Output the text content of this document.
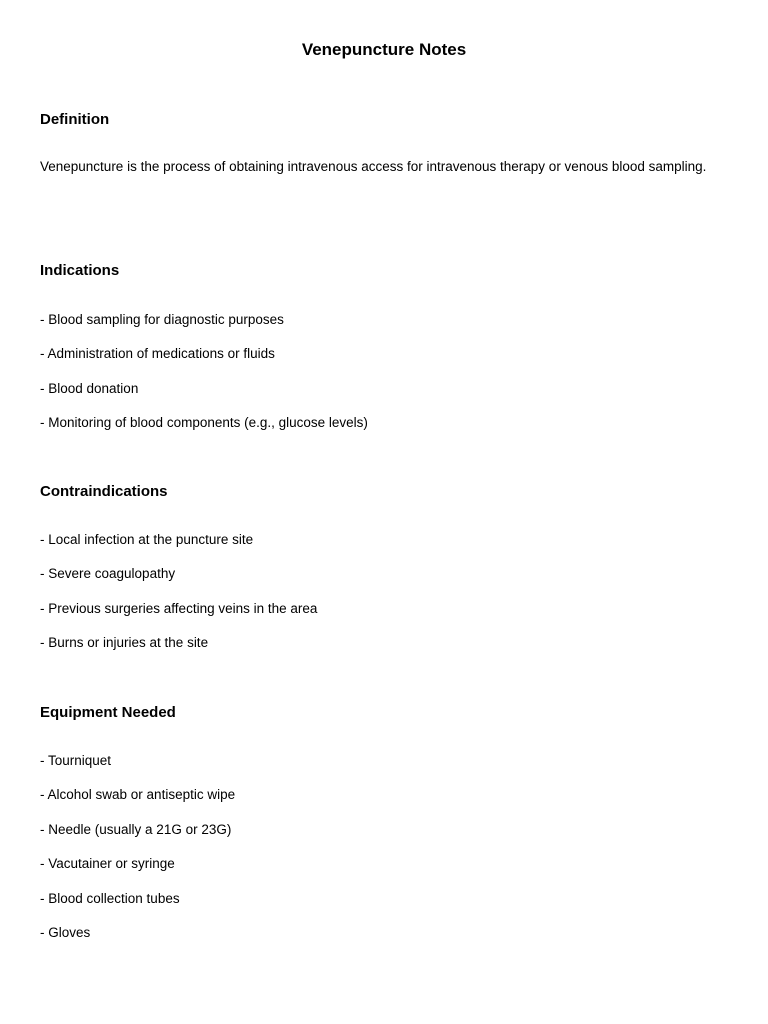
Venepuncture Notes
Definition

Venepuncture is the process of obtaining intravenous access for intravenous therapy or venous blood sampling.

Indications
- Blood sampling for diagnostic purposes
- Administration of medications or fluids
- Blood donation
- Monitoring of blood components (e.g., glucose levels)
Contraindications
- Local infection at the puncture site
- Severe coagulopathy
- Previous surgeries affecting veins in the area
- Burns or injuries at the site
Equipment Needed
- Tourniquet
- Alcohol swab or antiseptic wipe
- Needle (usually a 21G or 23G)
- Vacutainer or syringe
- Blood collection tubes
- Gloves
